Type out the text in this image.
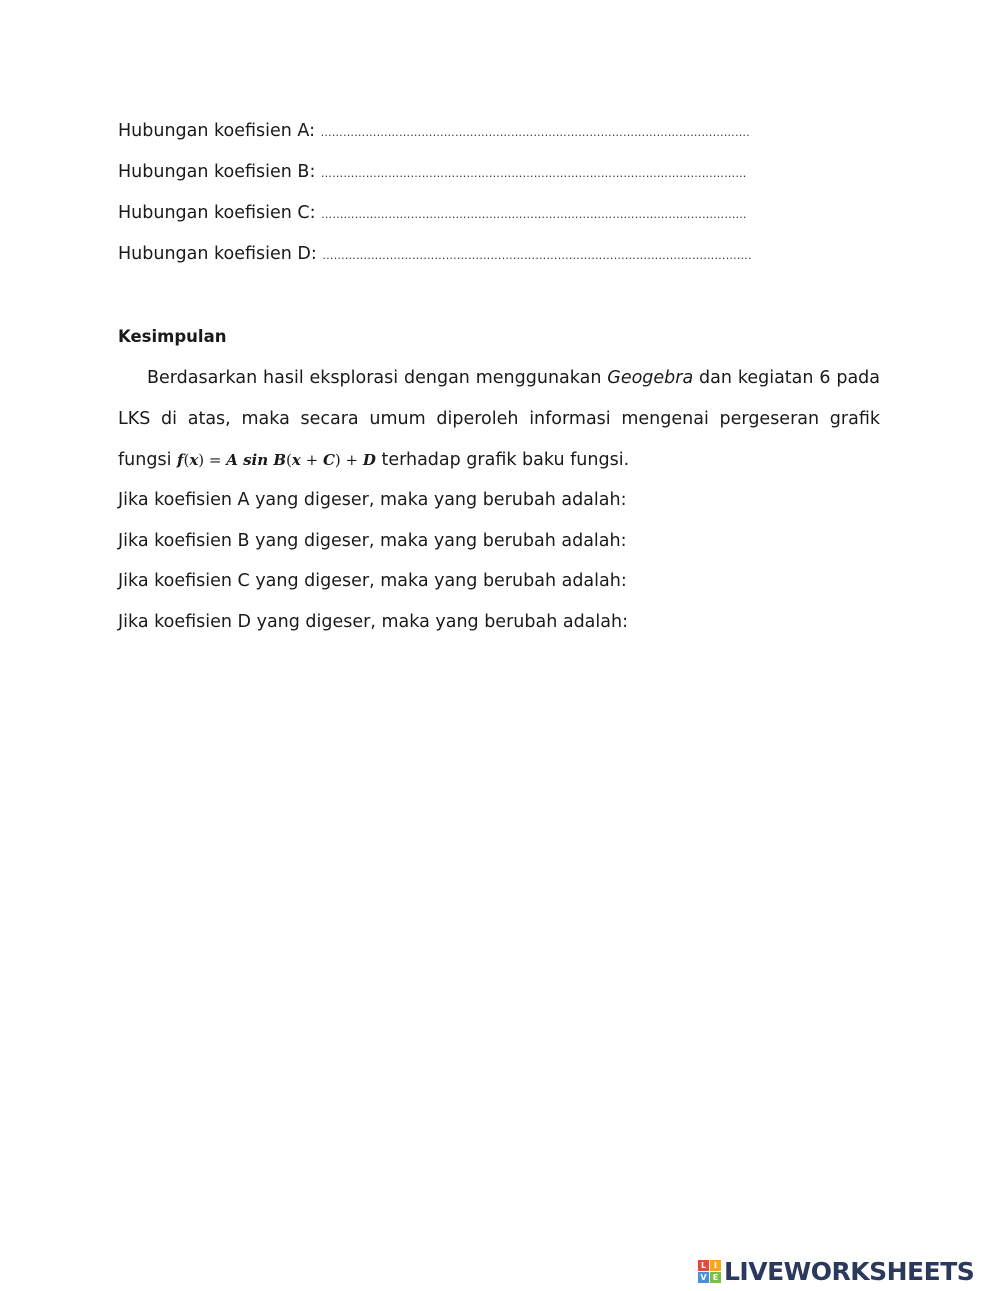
Hubungan koefisien A: …………………………………………………………………………………………………….
Hubungan koefisien B: ……………………………………………………………………………………………………
Hubungan koefisien C: ……………………………………………………………………………………………………
Hubungan koefisien D: …………………………………………………………………………………………………….
Kesimpulan
Berdasarkan hasil eksplorasi dengan menggunakan Geogebra dan kegiatan 6 pada
LKS di atas, maka secara umum diperoleh informasi mengenai pergeseran grafik
fungsi f(x) = A sin B(x + C) + D terhadap grafik baku fungsi.
Jika koefisien A yang digeser, maka yang berubah adalah:
Jika koefisien B yang digeser, maka yang berubah adalah:
Jika koefisien C yang digeser, maka yang berubah adalah:
Jika koefisien D yang digeser, maka yang berubah adalah:
L I
V E LIVEWORKSHEETS
